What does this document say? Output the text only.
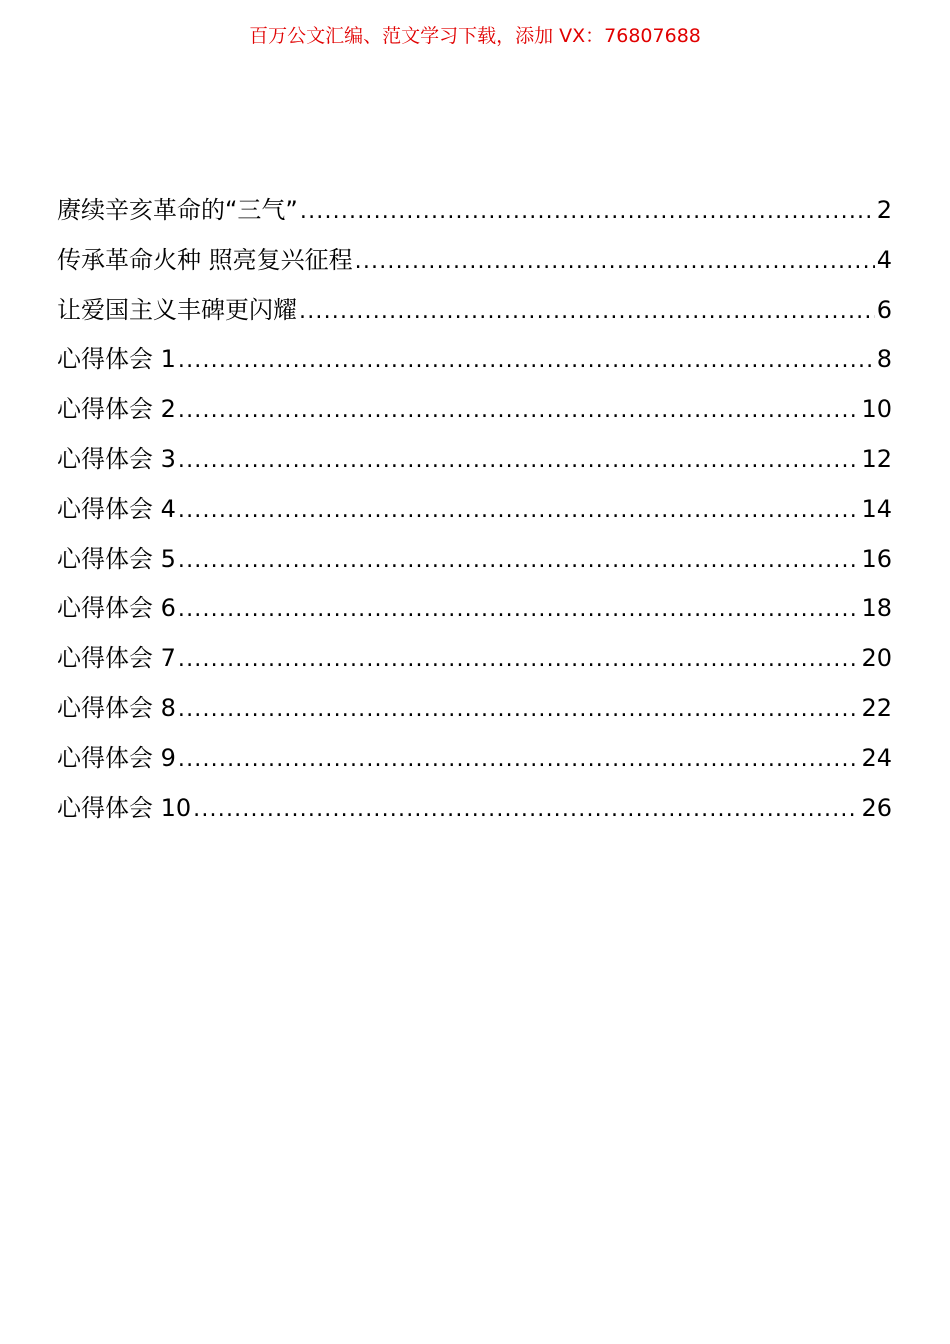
百万公文汇编、范文学习下载，添加 VX：76807688
赓续辛亥革命的“三气” .....	2
传承革命火种 照亮复兴征程 .....	4
让爱国主义丰碑更闪耀 .....	6
心得体会 1 .....	8
心得体会 2 .....	10
心得体会 3 .....	12
心得体会 4 .....	14
心得体会 5 .....	16
心得体会 6 .....	18
心得体会 7 .....	20
心得体会 8 .....	22
心得体会 9 .....	24
心得体会 10 .....	26
